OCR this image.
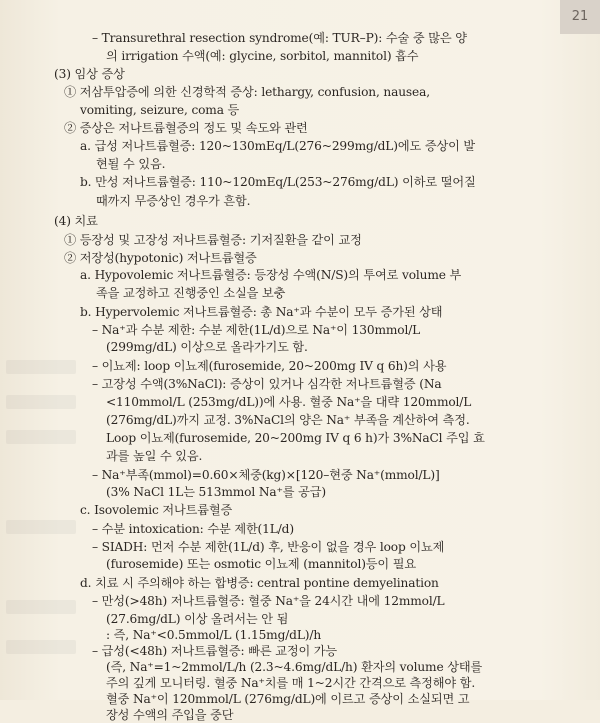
21
– Transurethral resection syndrome(예: TUR–P): 수술 중 많은 양
의 irrigation 수액(예: glycine, sorbitol, mannitol) 흡수
(3) 임상 증상
① 저삼투압증에 의한 신경학적 증상: lethargy, confusion, nausea,
vomiting, seizure, coma 등
② 증상은 저나트륨혈증의 정도 및 속도와 관련
a. 급성 저나트륨혈증: 120~130mEq/L(276~299mg/dL)에도 증상이 발
현될 수 있음.
b. 만성 저나트륨혈증: 110~120mEq/L(253~276mg/dL) 이하로 떨어질
때까지 무증상인 경우가 흔함.
(4) 치료
① 등장성 및 고장성 저나트륨혈증: 기저질환을 같이 교정
② 저장성(hypotonic) 저나트륨혈증
a. Hypovolemic 저나트륨혈증: 등장성 수액(N/S)의 투여로 volume 부
족을 교정하고 진행중인 소실을 보충
b. Hypervolemic 저나트륨혈증: 총 Na⁺과 수분이 모두 증가된 상태
– Na⁺과 수분 제한: 수분 제한(1L/d)으로 Na⁺이 130mmol/L
(299mg/dL) 이상으로 올라가기도 함.
– 이뇨제: loop 이뇨제(furosemide, 20~200mg IV q 6h)의 사용
– 고장성 수액(3%NaCl): 증상이 있거나 심각한 저나트륨혈증 (Na
<110mmol/L (253mg/dL))에 사용. 혈중 Na⁺을 대략 120mmol/L
(276mg/dL)까지 교정. 3%NaCl의 양은 Na⁺ 부족을 계산하여 측정.
Loop 이뇨제(furosemide, 20~200mg IV q 6 h)가 3%NaCl 주입 효
과를 높일 수 있음.
– Na⁺부족(mmol)=0.60×체중(kg)×[120–현중 Na⁺(mmol/L)]
(3% NaCl 1L는 513mmol Na⁺를 공급)
c. Isovolemic 저나트륨혈증
– 수분 intoxication: 수분 제한(1L/d)
– SIADH: 먼저 수분 제한(1L/d) 후, 반응이 없을 경우 loop 이뇨제
(furosemide) 또는 osmotic 이뇨제 (mannitol)등이 필요
d. 치료 시 주의해야 하는 합병증: central pontine demyelination
– 만성(>48h) 저나트륨혈증: 혈중 Na⁺을 24시간 내에 12mmol/L
(27.6mg/dL) 이상 올려서는 안 됨
: 즉, Na⁺<0.5mmol/L (1.15mg/dL)/h
– 급성(<48h) 저나트륨혈증: 빠른 교정이 가능
(즉, Na⁺=1~2mmol/L/h (2.3~4.6mg/dL/h) 환자의 volume 상태를
주의 깊게 모니터링. 혈중 Na⁺치를 매 1~2시간 간격으로 측정해야 함.
혈중 Na⁺이 120mmol/L (276mg/dL)에 이르고 증상이 소실되면 고
장성 수액의 주입을 중단
